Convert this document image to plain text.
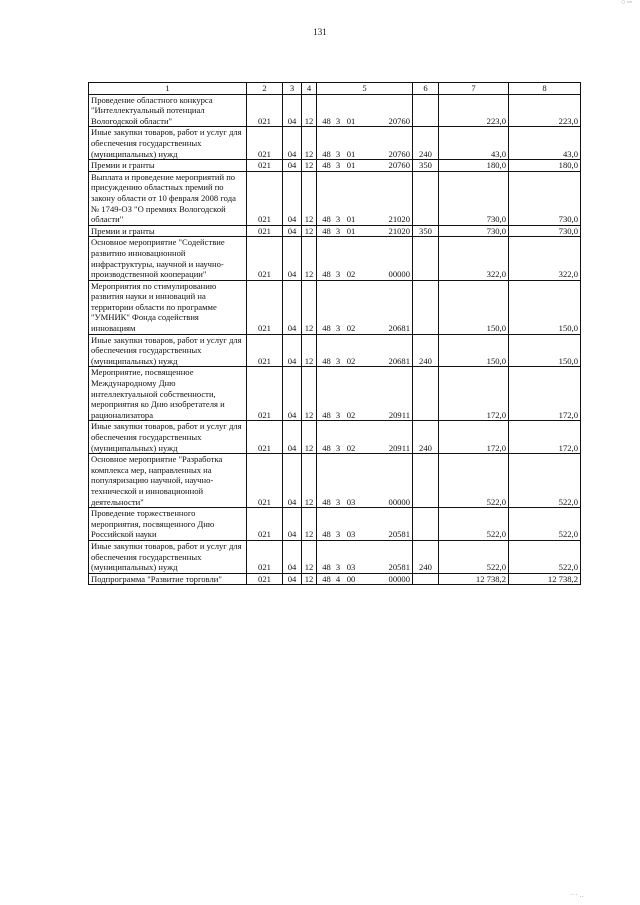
○ ▫▫
131
1	2	3	4	5	6	7	8
Проведение областного конкурса "Интеллектуальный потенциал Вологодской области"	021	04	12	48 3 01 20760		223,0	223,0
Иные закупки товаров, работ и услуг для обеспечения государственных (муниципальных) нужд	021	04	12	48 3 01 20760	240	43,0	43,0
Премии и гранты	021	04	12	48 3 01 20760	350	180,0	180,0
Выплата и проведение мероприятий по присуждению областных премий по закону области от 10 февраля 2008 года № 1749-ОЗ "О премиях Вологодской области"	021	04	12	48 3 01 21020		730,0	730,0
Премии и гранты	021	04	12	48 3 01 21020	350	730,0	730,0
Основное мероприятие "Содействие развитию инновационной инфраструктуры, научной и научно-производственной кооперации"	021	04	12	48 3 02 00000		322,0	322,0
Мероприятия по стимулированию развития науки и инноваций на территории области по программе "УМНИК" Фонда содействия инновациям	021	04	12	48 3 02 20681		150,0	150,0
Иные закупки товаров, работ и услуг для обеспечения государственных (муниципальных) нужд	021	04	12	48 3 02 20681	240	150,0	150,0
Мероприятие, посвященное Международному Дню интеллектуальной собственности, мероприятия ко Дню изобретателя и рационализатора	021	04	12	48 3 02 20911		172,0	172,0
Иные закупки товаров, работ и услуг для обеспечения государственных (муниципальных) нужд	021	04	12	48 3 02 20911	240	172,0	172,0
Основное мероприятие "Разработка комплекса мер, направленных на популяризацию научной, научно-технической и инновационной деятельности"	021	04	12	48 3 03 00000		522,0	522,0
Проведение торжественного мероприятия, посвященного Дню Российской науки	021	04	12	48 3 03 20581		522,0	522,0
Иные закупки товаров, работ и услуг для обеспечения государственных (муниципальных) нужд	021	04	12	48 3 03 20581	240	522,0	522,0
Подпрограмма "Развитие торговли"	021	04	12	48 4 00 00000		12 738,2	12 738,2
··· ‥
